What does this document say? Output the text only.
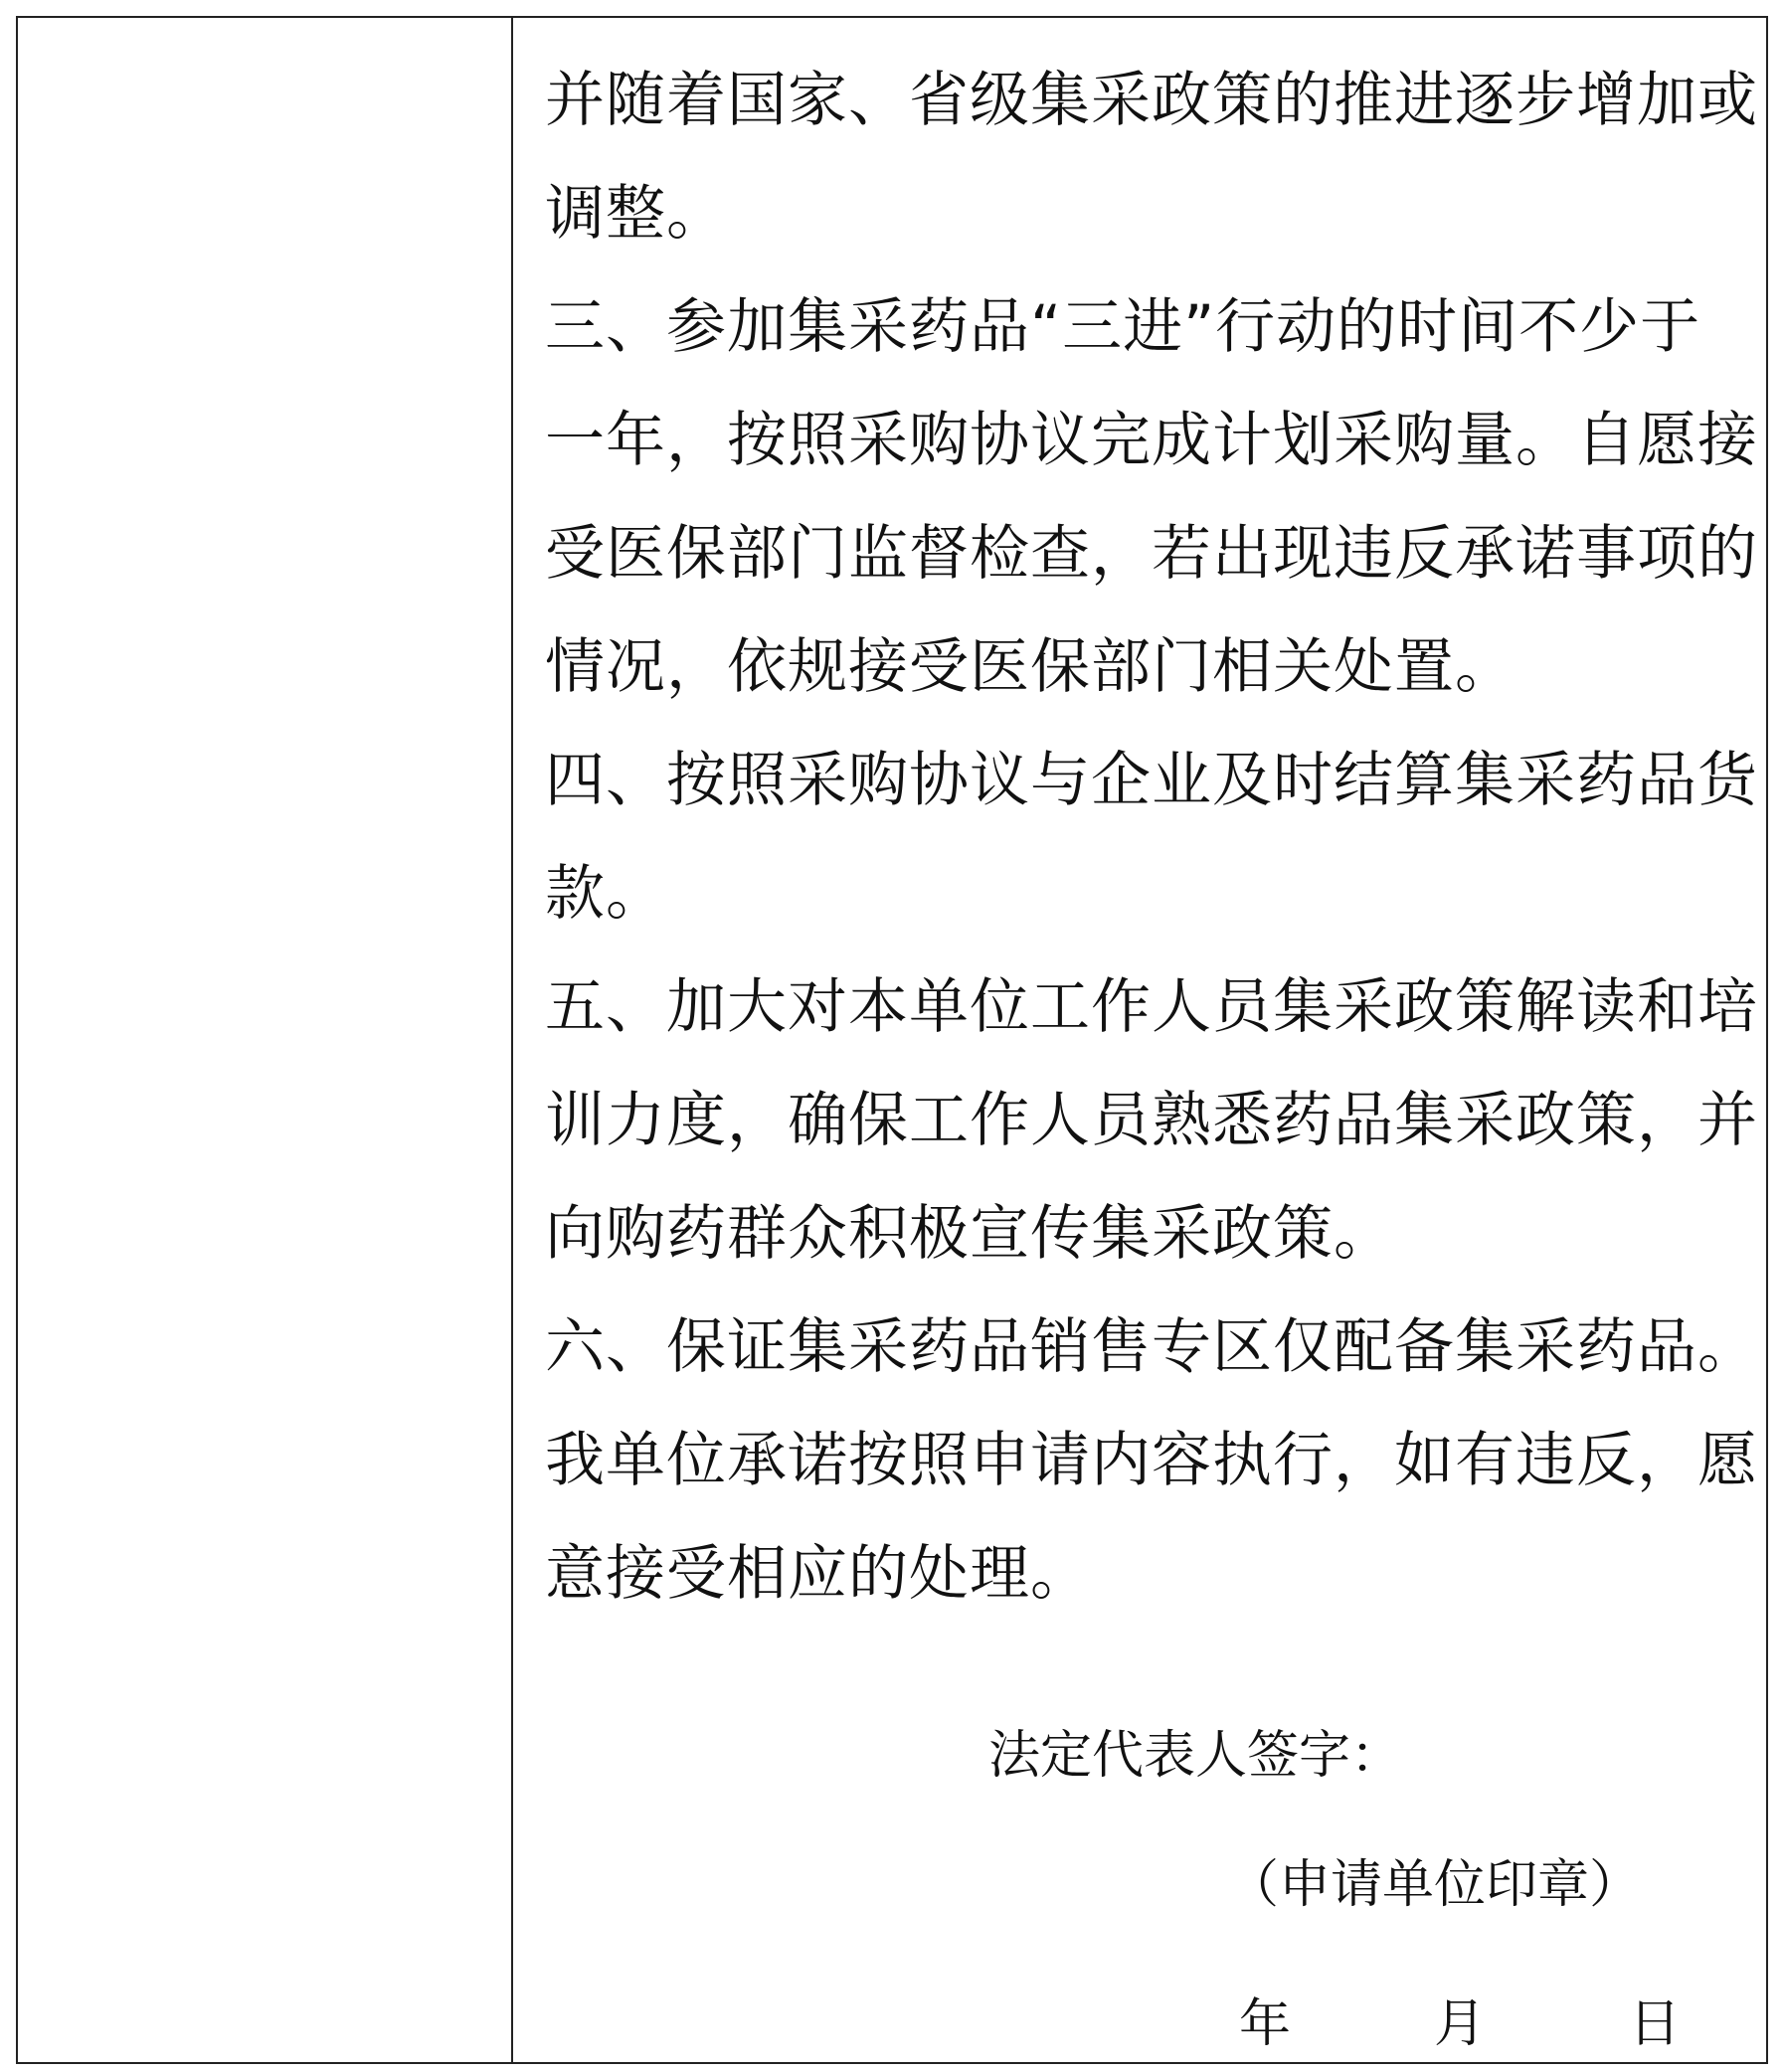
并随着国家、省级集采政策的推进逐步增加或调整。

三、参加集采药品“三进”行动的时间不少于一年，按照采购协议完成计划采购量。自愿接受医保部门监督检查，若出现违反承诺事项的情况，依规接受医保部门相关处置。

四、按照采购协议与企业及时结算集采药品货款。

五、加大对本单位工作人员集采政策解读和培训力度，确保工作人员熟悉药品集采政策，并向购药群众积极宣传集采政策。

六、保证集采药品销售专区仅配备集采药品。

我单位承诺按照申请内容执行，如有违反，愿意接受相应的处理。

法定代表人签字：
（申请单位印章）
年	月	日
